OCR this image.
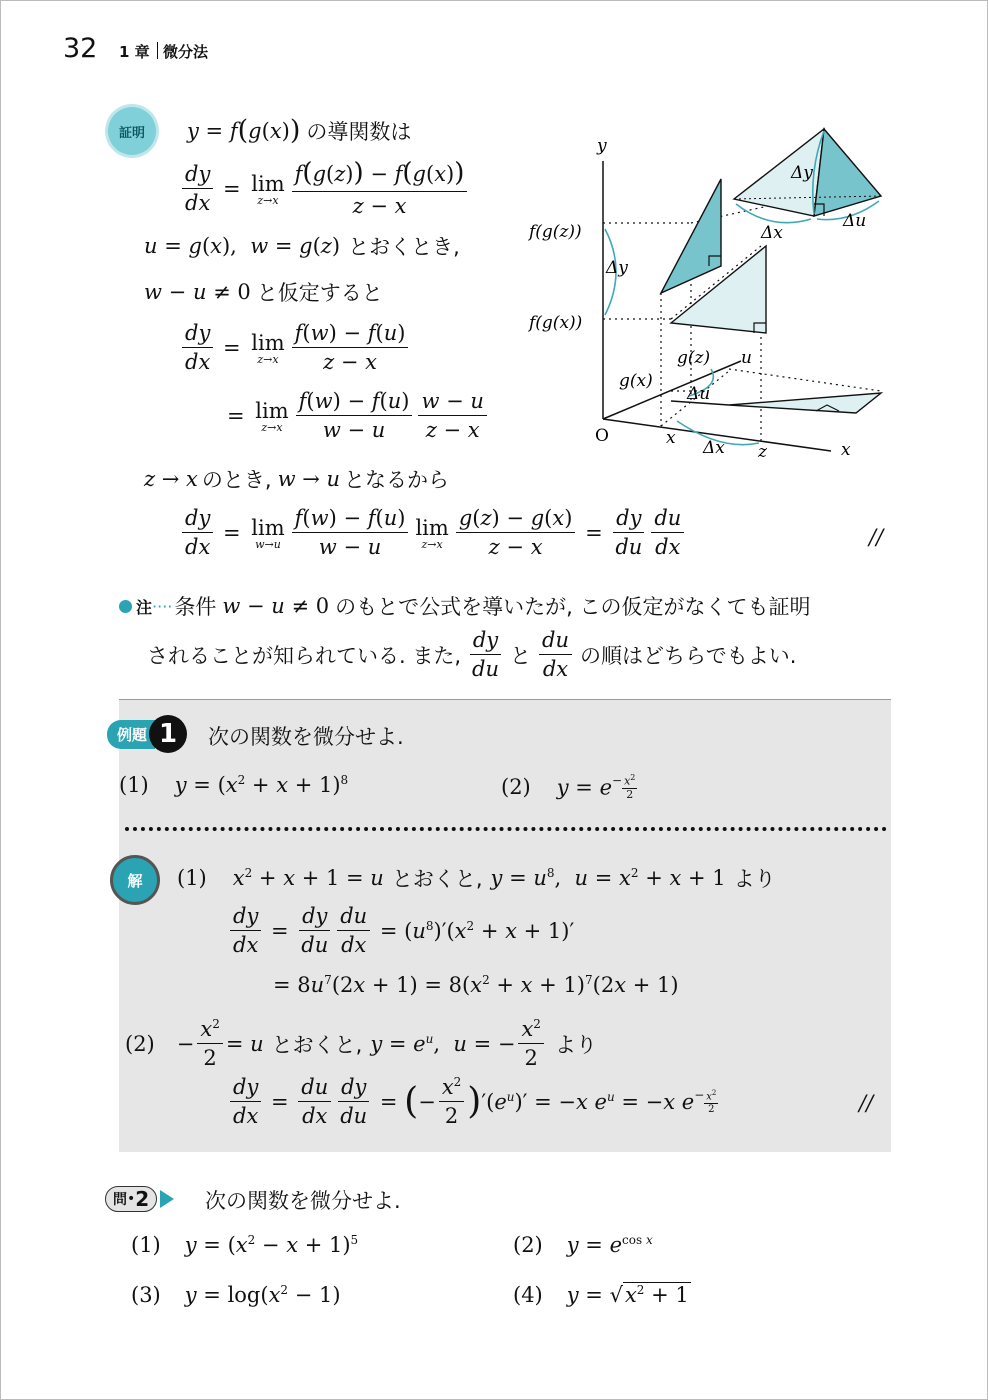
32 1 章 微分法
証明 y = f ( g ( x ) ) の導関数は
$\frac{dy}{dx} = \lim$
$z\to x \frac{f(g(z)) - f(g(x))}{z - x}$
u = g(x),  w = g(z) とおくとき,
w − u ≠ 0 と仮定すると
$\frac{dy}{dx} = \lim$
$z\to x \frac{f(w) - f(u)}{z - x}$
= lim
$z\to x \frac{f(w) - f(u)}{w - u} \frac{w - u}{z - x}$
z → x のとき, w → u となるから
$\frac{dy}{dx} = \lim$
$w\to u \frac{f(w) - f(u)}{w - u}$ lim
$z\to x \frac{g(z) - g(x)}{z - x} = \frac{dy}{du} \frac{du}{dx}$	//
y
x
O
f(g(z))
f(g(x))
g(z)
g(x)
u
x
z
Δy
Δy
Δx
Δu
Δu
Δx
注 ···· 条件 w − u ≠ 0 のもとで公式を導いたが, この仮定がなくても証明
されることが知られている. また, $\frac{dy}{du}$ と $\frac{du}{dx}$ の順はどちらでもよい.
例題 1	次の関数を微分せよ.
(1) $y = (x^2 + x + 1)^8$	(2) $y = e^- \frac{x^2}{2}$
解 (1) $x^2 + x + 1 = u$ とおくと, $y = u^8$,  $u = x^2 + x + 1$ より
$\frac{dy}{dx} = \frac{dy}{du} \frac{du}{dx} = (u^8)'(x^2 + x + 1)'$
= $8u^7(2x + 1) = 8(x^2 + x + 1)^7(2x + 1)$
$(2) - \frac{x^2}{2} = u$ とおくと, $y = e^u$,  u = − $\frac{x^2}{2}$ より
$\frac{dy}{dx} = \frac{du}{dx} \frac{dy}{du}$ = ( − $\frac{x^2}{2}$ ) $'(e^u)' = -x$ $e^u = -x$ $e^- \frac{x^2}{2}$	//
問 • 2	次の関数を微分せよ.
(1) $y = (x^2 - x + 1)^5$	(2) $y = e^{cos x}$
(3) $y = \log(x^2 - 1)$	(4) $y = √x^2 + 1$
